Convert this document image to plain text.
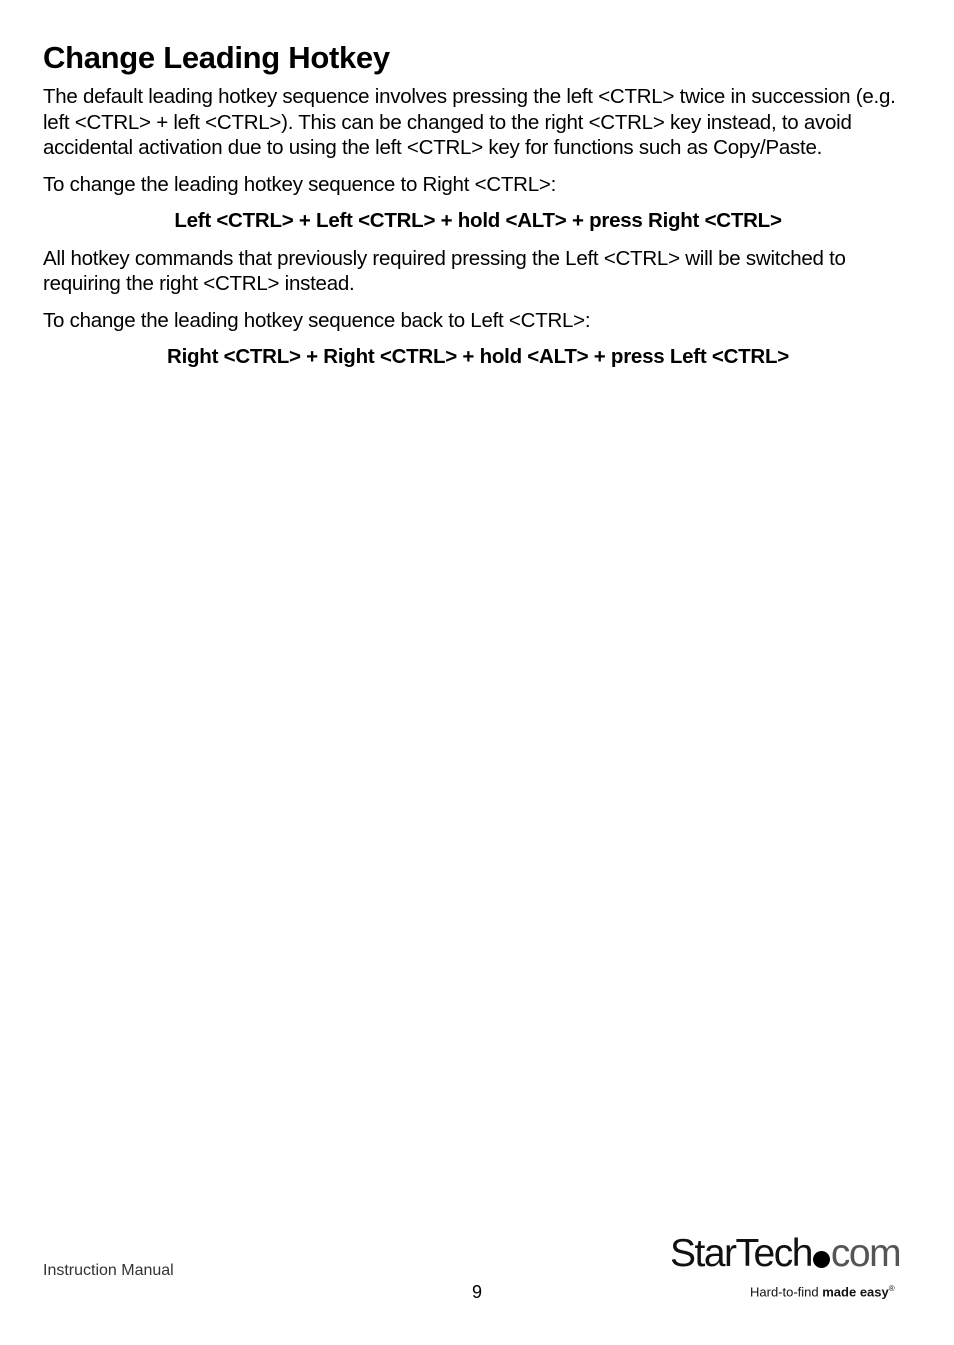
Change Leading Hotkey

The default leading hotkey sequence involves pressing the left <CTRL> twice in succession (e.g. left <CTRL> + left <CTRL>). This can be changed to the right <CTRL> key instead, to avoid accidental activation due to using the left <CTRL> key for functions such as Copy/Paste.

To change the leading hotkey sequence to Right <CTRL>:

Left <CTRL> + Left <CTRL> + hold <ALT> + press Right <CTRL>

All hotkey commands that previously required pressing the Left <CTRL> will be switched to requiring the right <CTRL> instead.

To change the leading hotkey sequence back to Left <CTRL>:

Right <CTRL> + Right <CTRL> + hold <ALT> + press Left <CTRL>

Instruction Manual
9
StarTech com
Hard-to-find made easy®
